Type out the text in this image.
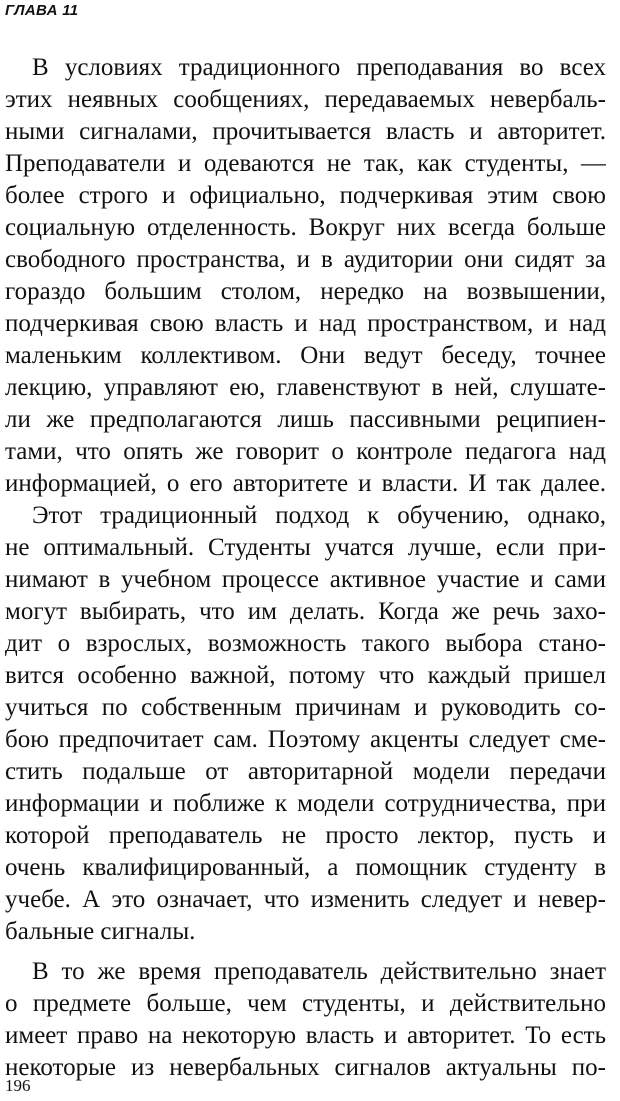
ГЛАВА 11
В условиях традиционного преподавания во всех
этих неявных сообщениях, передаваемых невербаль-
ными сигналами, прочитывается власть и авторитет.
Преподаватели и одеваются не так, как студенты, —
более строго и официально, подчеркивая этим свою
социальную отделенность. Вокруг них всегда больше
свободного пространства, и в аудитории они сидят за
гораздо большим столом, нередко на возвышении,
подчеркивая свою власть и над пространством, и над
маленьким коллективом. Они ведут беседу, точнее
лекцию, управляют ею, главенствуют в ней, слушате-
ли же предполагаются лишь пассивными реципиен-
тами, что опять же говорит о контроле педагога над
информацией, о его авторитете и власти. И так далее.
Этот традиционный подход к обучению, однако,
не оптимальный. Студенты учатся лучше, если при-
нимают в учебном процессе активное участие и сами
могут выбирать, что им делать. Когда же речь захо-
дит о взрослых, возможность такого выбора стано-
вится особенно важной, потому что каждый пришел
учиться по собственным причинам и руководить со-
бою предпочитает сам. Поэтому акценты следует сме-
стить подальше от авторитарной модели передачи
информации и поближе к модели сотрудничества, при
которой преподаватель не просто лектор, пусть и
очень квалифицированный, а помощник студенту в
учебе. А это означает, что изменить следует и невер-
бальные сигналы.
В то же время преподаватель действительно знает
о предмете больше, чем студенты, и действительно
имеет право на некоторую власть и авторитет. То есть
некоторые из невербальных сигналов актуальны по-
196
